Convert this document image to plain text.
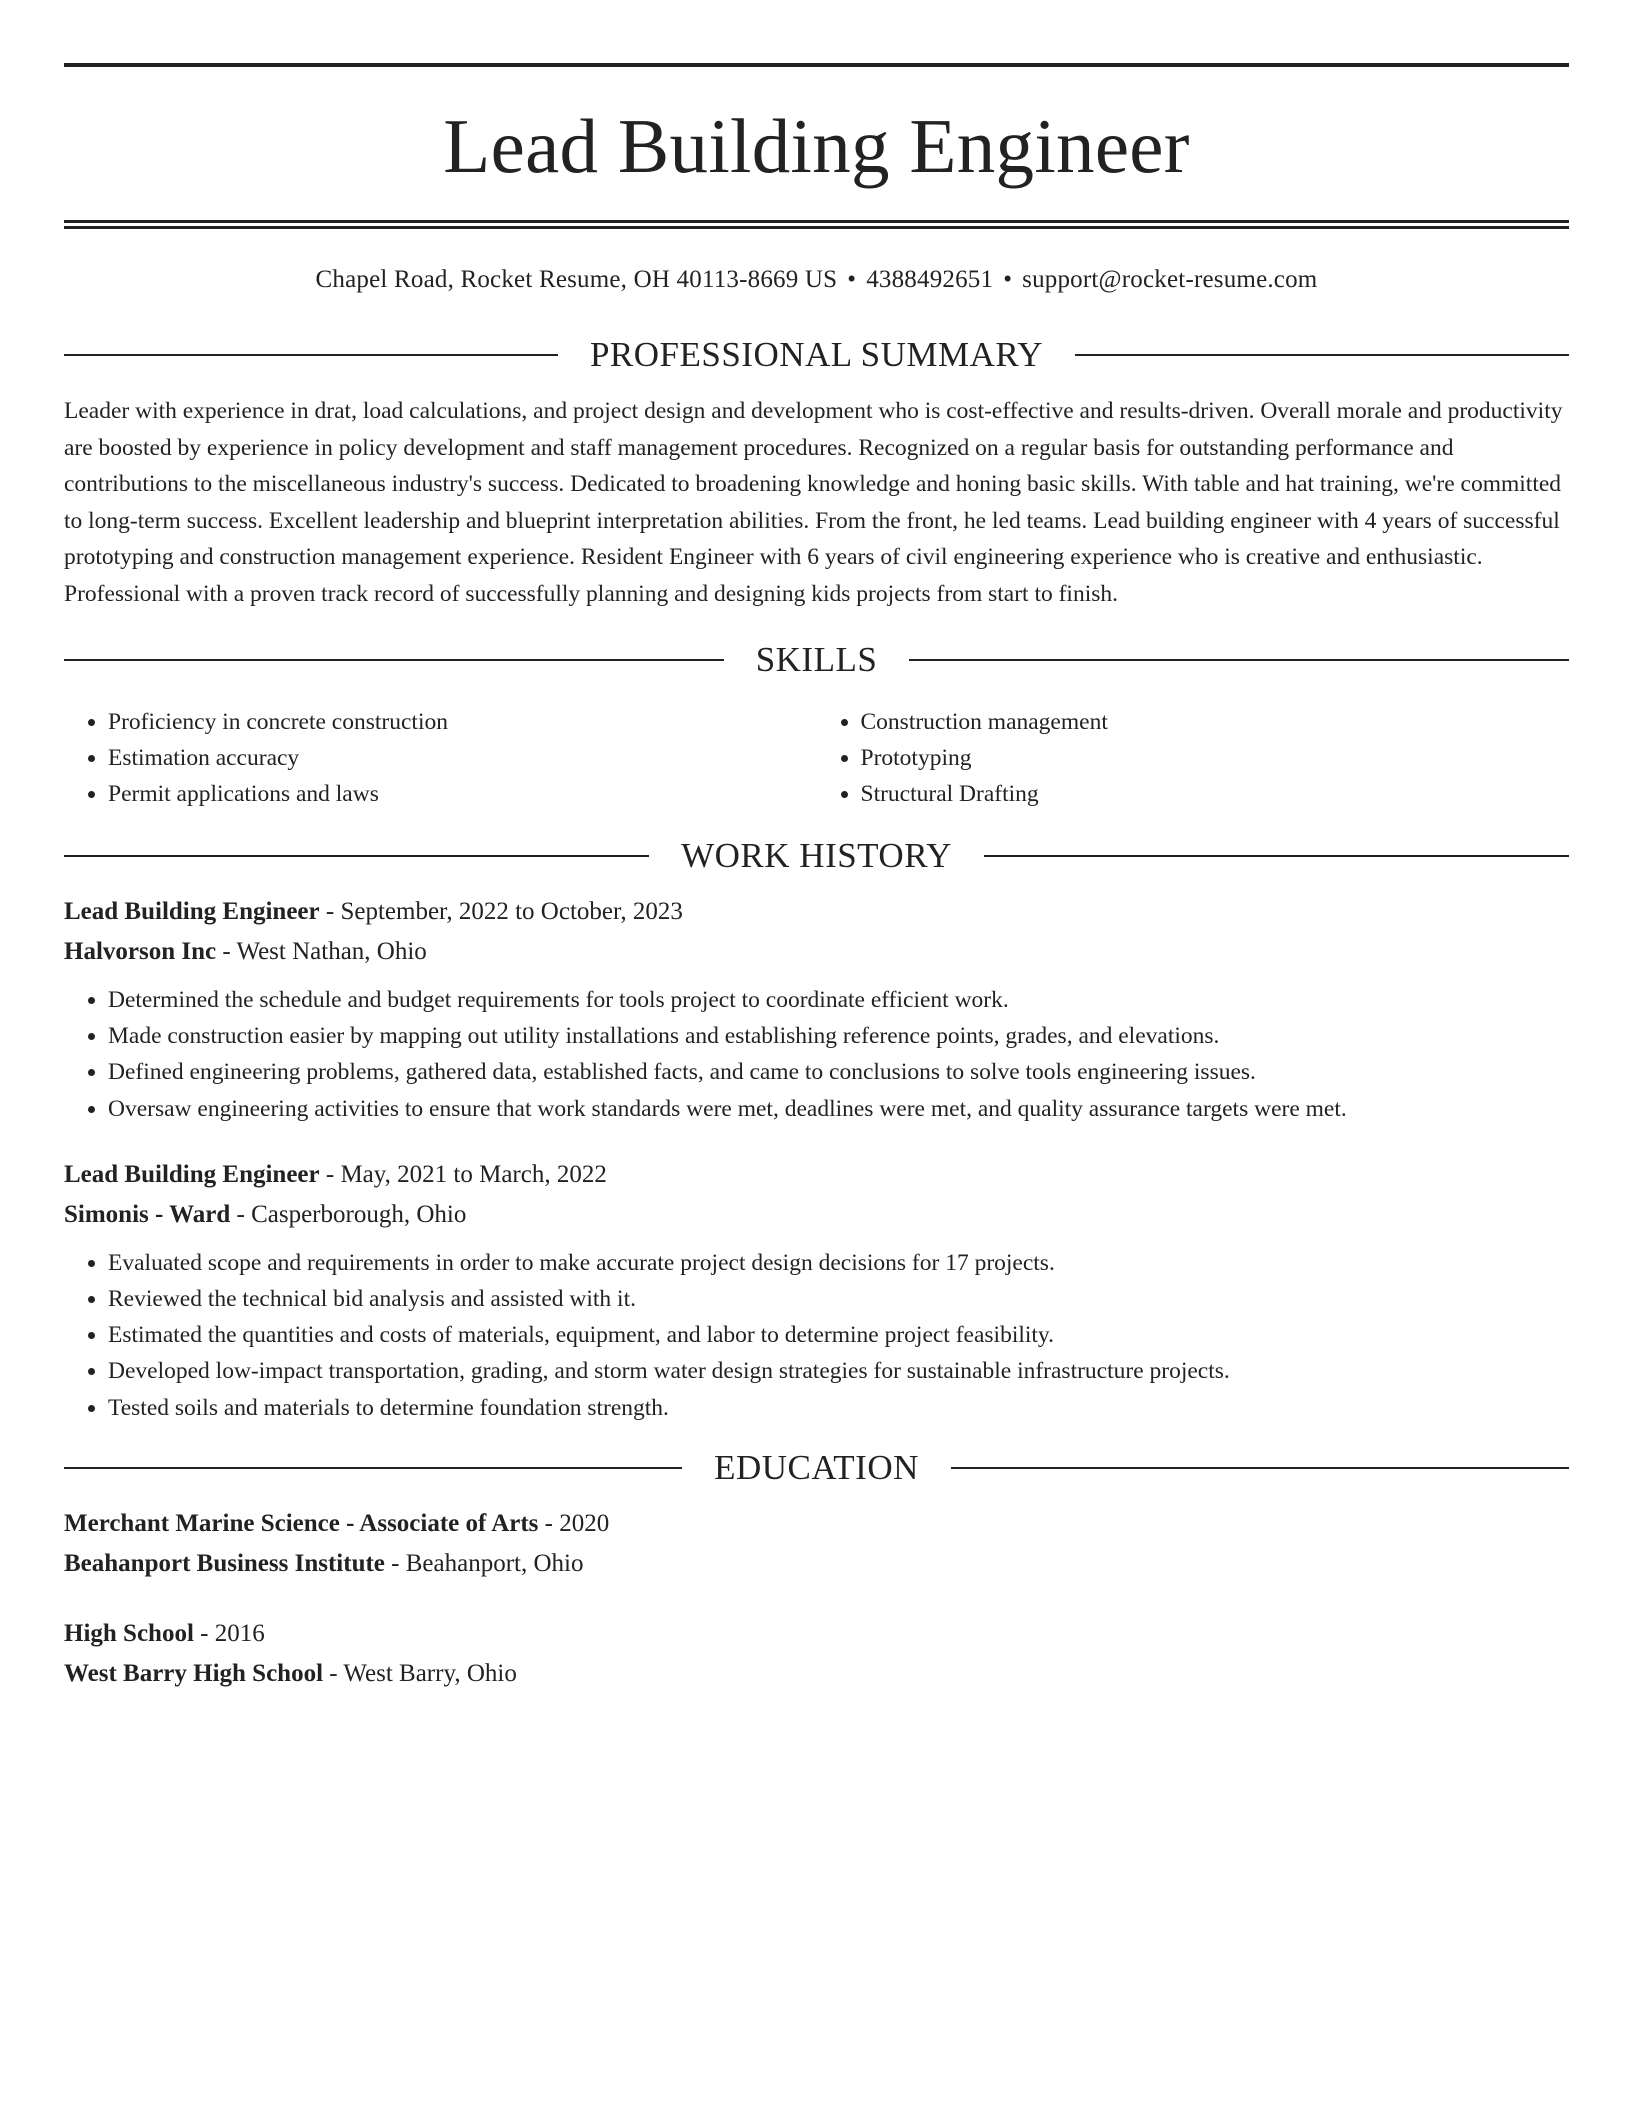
Lead Building Engineer
Chapel Road, Rocket Resume, OH 40113-8669 US • 4388492651 • support@rocket-resume.com
PROFESSIONAL SUMMARY
Leader with experience in drat, load calculations, and project design and development who is cost-effective and results-driven. Overall morale and productivity are boosted by experience in policy development and staff management procedures. Recognized on a regular basis for outstanding performance and contributions to the miscellaneous industry's success. Dedicated to broadening knowledge and honing basic skills. With table and hat training, we're committed to long-term success. Excellent leadership and blueprint interpretation abilities. From the front, he led teams. Lead building engineer with 4 years of successful prototyping and construction management experience. Resident Engineer with 6 years of civil engineering experience who is creative and enthusiastic. Professional with a proven track record of successfully planning and designing kids projects from start to finish.
SKILLS
• Proficiency in concrete construction
• Estimation accuracy
• Permit applications and laws
• Construction management
• Prototyping
• Structural Drafting
WORK HISTORY
Lead Building Engineer - September, 2022 to October, 2023
Halvorson Inc - West Nathan, Ohio
• Determined the schedule and budget requirements for tools project to coordinate efficient work.
• Made construction easier by mapping out utility installations and establishing reference points, grades, and elevations.
• Defined engineering problems, gathered data, established facts, and came to conclusions to solve tools engineering issues.
• Oversaw engineering activities to ensure that work standards were met, deadlines were met, and quality assurance targets were met.
Lead Building Engineer - May, 2021 to March, 2022
Simonis - Ward - Casperborough, Ohio
• Evaluated scope and requirements in order to make accurate project design decisions for 17 projects.
• Reviewed the technical bid analysis and assisted with it.
• Estimated the quantities and costs of materials, equipment, and labor to determine project feasibility.
• Developed low-impact transportation, grading, and storm water design strategies for sustainable infrastructure projects.
• Tested soils and materials to determine foundation strength.
EDUCATION
Merchant Marine Science - Associate of Arts - 2020
Beahanport Business Institute - Beahanport, Ohio
High School - 2016
West Barry High School - West Barry, Ohio
